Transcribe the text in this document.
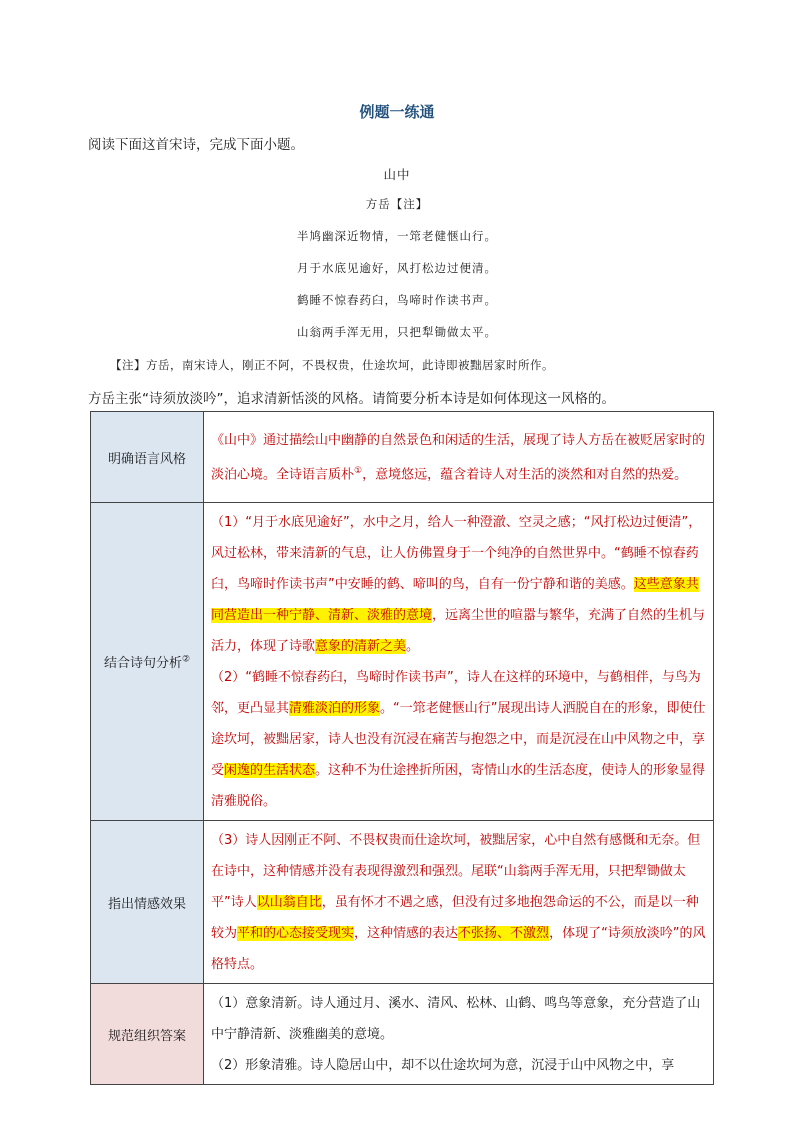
例题一练通
阅读下面这首宋诗，完成下面小题。
山中
方岳【注】
半鸠幽深近物情，一筇老健惬山行。
月于水底见逾好，风打松边过便清。
鹤睡不惊舂药臼，鸟啼时作读书声。
山翁两手浑无用，只把犁锄做太平。
【注】方岳，南宋诗人，刚正不阿，不畏权贵，仕途坎坷，此诗即被黜居家时所作。
方岳主张“诗须放淡吟”，追求清新恬淡的风格。请简要分析本诗是如何体现这一风格的。
明确语言风格	《山中》通过描绘山中幽静的自然景色和闲适的生活，展现了诗人方岳在被贬居家时的淡泊心境。全诗语言质朴①，意境悠远，蕴含着诗人对生活的淡然和对自然的热爱。
结合诗句分析②	（1）“月于水底见逾好”，水中之月，给人一种澄澈、空灵之感；“风打松边过便清”，风过松林，带来清新的气息，让人仿佛置身于一个纯净的自然世界中。“鹤睡不惊舂药臼，鸟啼时作读书声”中安睡的鹤、啼叫的鸟，自有一份宁静和谐的美感。这些意象共同营造出一种宁静、清新、淡雅的意境，远离尘世的喧嚣与繁华，充满了自然的生机与活力，体现了诗歌意象的清新之美。
（2）“鹤睡不惊舂药臼，鸟啼时作读书声”，诗人在这样的环境中，与鹤相伴，与鸟为邻，更凸显其清雅淡泊的形象。“一筇老健惬山行”展现出诗人洒脱自在的形象，即使仕途坎坷，被黜居家，诗人也没有沉浸在痛苦与抱怨之中，而是沉浸在山中风物之中，享受闲逸的生活状态。这种不为仕途挫折所困，寄情山水的生活态度，使诗人的形象显得清雅脱俗。

指出情感效果	（3）诗人因刚正不阿、不畏权贵而仕途坎坷，被黜居家，心中自然有感慨和无奈。但在诗中，这种情感并没有表现得激烈和强烈。尾联“山翁两手浑无用，只把犁锄做太平”诗人以山翁自比，虽有怀才不遇之感，但没有过多地抱怨命运的不公，而是以一种较为平和的心态接受现实，这种情感的表达不张扬、不激烈，体现了“诗须放淡吟”的风格特点。
规范组织答案	（1）意象清新。诗人通过月、溪水、清风、松林、山鹤、鸣鸟等意象，充分营造了山中宁静清新、淡雅幽美的意境。
（2）形象清雅。诗人隐居山中，却不以仕途坎坷为意，沉浸于山中风物之中，享
